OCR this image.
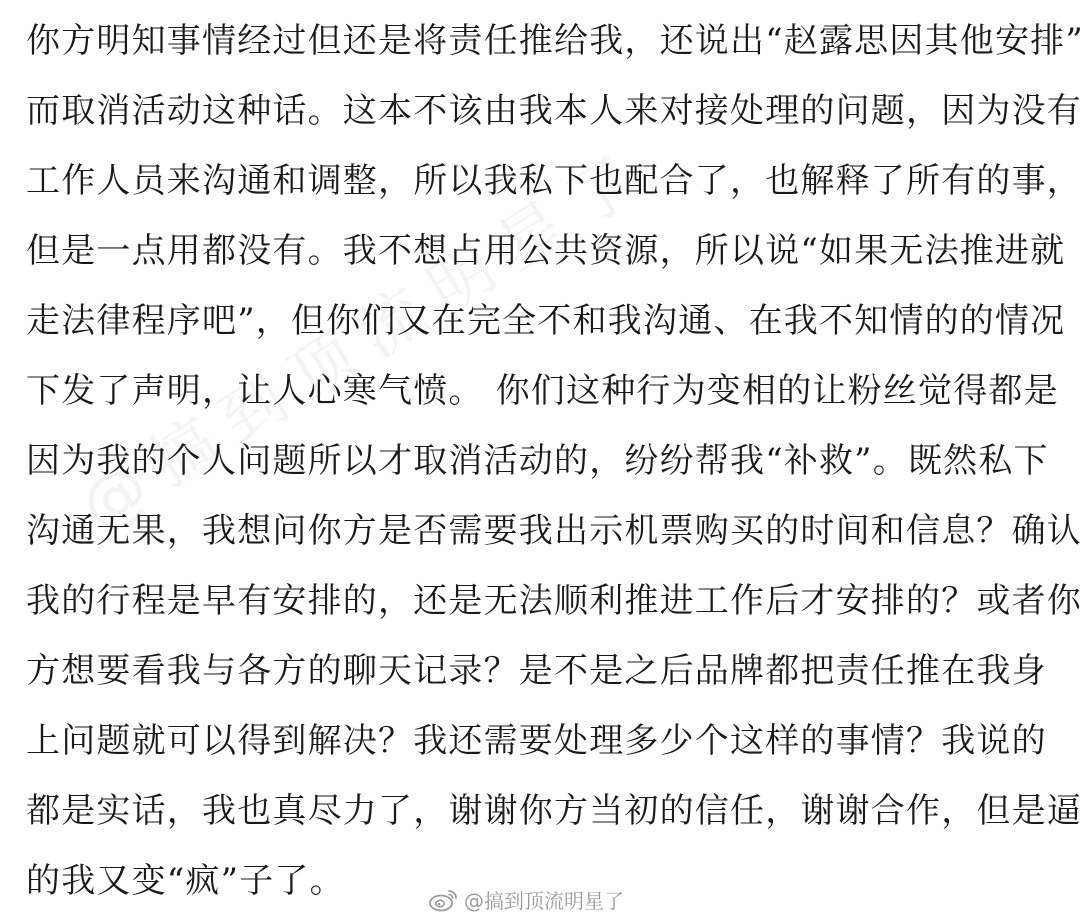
你方明知事情经过但还是将责任推给我，还说出“赵露思因其他安排”
而取消活动这种话。这本不该由我本人来对接处理的问题，因为没有
工作人员来沟通和调整，所以我私下也配合了，也解释了所有的事，
但是一点用都没有。我不想占用公共资源，所以说“如果无法推进就
走法律程序吧”，但你们又在完全不和我沟通、在我不知情的的情况
下发了声明，让人心寒气愤。 你们这种行为变相的让粉丝觉得都是
因为我的个人问题所以才取消活动的，纷纷帮我“补救”。既然私下
沟通无果，我想问你方是否需要我出示机票购买的时间和信息？确认
我的行程是早有安排的，还是无法顺利推进工作后才安排的？或者你
方想要看我与各方的聊天记录？是不是之后品牌都把责任推在我身
上问题就可以得到解决？我还需要处理多少个这样的事情？我说的
都是实话，我也真尽力了，谢谢你方当初的信任，谢谢合作，但是逼
的我又变“疯”子了。	@搞到顶流明星了
